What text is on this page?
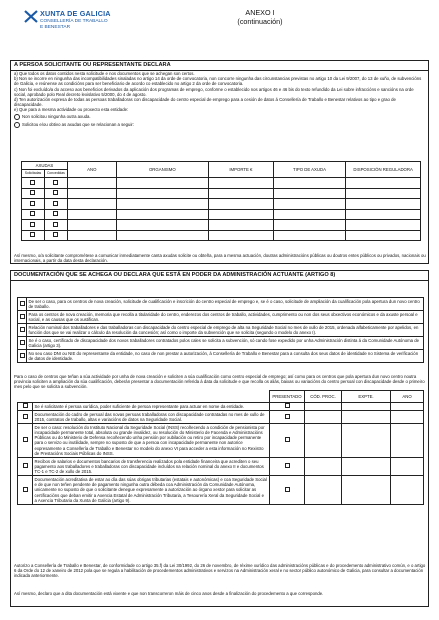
XUNTA DE GALICIA
CONSELLERÍA DE TRABALLO
E BENESTAR
ANEXO I
(continuación)
A PERSOA SOLICITANTE OU REPRESENTANTE DECLARA

a) Que todos os datos contidos nesta solicitude e nos documentos que se achegan son certos.

b) Non se incorre en ningunha das incompatibilidades sinaladas no artigo 14 da orde de convocatoria, non concorre ningunha das circunstancias previstas no artigo 10 da Lei 9/2007, do 13 de xuño, de subvencións de Galicia, e reúnense as condicións para ser beneficiario de acordo co establecido no artigo 2 da orde de convocatoria.

c) Non foi excluído/a do acceso aos beneficios derivados da aplicación dos programas de emprego, conforme o establecido nos artigos 46 e 46 bis do texto refundido da Lei sobre infraccións e sancións na orde social, aprobado polo Real decreto lexislativo 5/2000, do 4 de agosto.

d) Ten autorización expresa de todas as persoas traballadoras con discapacidade do centro especial de emprego para a cesión de datos á Consellería de Traballo e Benestar relativos ao tipo e grao de discapacidade.

e) Que para a mesma actividade ou proxecto esta entidade:

Non solicitou ningunha outra axuda.

Solicitou e/ou obtivo as axudas que se relacionan a seguir:

AXUDAS		ANO	ORGANISMO	IMPORTE €	TIPO DE AXUDA	DISPOSICIÓN REGULADORA
Solicitadas	Concedidas					

Así mesmo, o/a solicitante comprométese a comunicar inmediatamente canta axudas solicite ou obteña, para a mesma actuación, doutras administracións públicas ou doutros entes públicos ou privados, nacionais ou internacionais, a partir da data desta declaración.
DOCUMENTACIÓN QUE SE ACHEGA OU DECLARA QUE ESTÁ EN PODER DA ADMINISTRACIÓN ACTUANTE (ARTIGO 8)
	De ser o caso, para os centros de nova creación, solicitude de cualificación e inscrición do centro especial de emprego e, se é o caso, solicitude de ampliación da cualificación pola apertura dun novo centro de traballo.
	Para os centros de nova creación, memoria que recolla a titularidade do centro, enderezos dos centros de traballo, actividades, cumprimento ou non dos seus obxectivos económicos e da axuste persoal e social, e as causas que os xustifican.
	Relación nominal dos traballadores e das traballadoras con discapacidade do centro especial de emprego de alta na Seguridade Social no mes de xullo de 2015, ordenada alfabeticamente por apelidos, en función dos que se vai realizar o cálculo da resolución da concesión; así como o importe da subvención que se solicita (segundo o modelo do anexo I).
	Se é o caso, certificado de discapacidade dos novos traballadores contratados polos cales se solicita a subvención, só cando fose expedido por unha Administración distinta á da Comunidade Autónoma de Galicia (artigo 3).
	No seu caso DNI ou NIE do representante da entidade, no caso de non prestar a autorización, á Consellería de Traballo e Benestar para a consulta dos seus datos de identidade no Sistema de verificación de datos de identidade.
Para o caso de centros que teñan a súa actividade por unha de nova creación e soliciten a súa cualificación como centro especial de emprego; así como para os centros que pola apertura dun novo centro noutra provincia soliciten a ampliación da súa cualificación, deberán presentar a documentación referida á data da solicitude e que recolla os aliás, baixas ou variacións do centro persoal con discapacidade desde o primeiro mes pelo que se solicita a subvención.
		PRESENTADO	CÓD. PROC.	EXPTE.	ANO
	Se é solicitante é persoa xurídica, poder suficiente de persoa representante para actuar en nome da entidade.				
	Documentación do cadro de persoal das novas persoas traballadoras con discapacidade contratadas no mes de xullo de 2015, contratos de traballo, altas e variacións de datos na Seguridade Social.				
	De ser o caso: resolución do Instituto Nacional da Seguridade Social (INSS) recoñecendo a condición de pensionista por incapacidade permanente total, absoluta ou grande invalidez, ou resolución do Ministerio de Facenda e Administracións Públicas ou do Ministerio de Defensa recoñecendo unha pensión por xubilación ou retiro por incapacidade permanente para o servizo ou inutilidade, sempre no suposto de que a persoa con incapacidade permanente non autorice expresamente a Consellería de Traballo e Benestar no modelo do anexo VI para acceder a esta información no Rexistro de Prestacións Sociais Públicas do INSS.				
	Recibos de salarios e documentos bancarios de transferencia realizados pola entidade financeira que acrediten o seu pagamento aos traballadores e traballadoras con discapacidade incluídos na relación nominal do anexo II e documentos TC-1 e TC-2 de xullo de 2015.				
	Documentación acreditativa de estar ao día das súas obrigas tributarias (estatais e autonómicas) e coa Seguridade Social e de que non teñen pendente de pagamento ningunha outra débeda coa Administración da Comunidade Autónoma, unicamente no suposto de que o solicitante denegue expresamente a autorización ao órgano xestor para solicitar as certificacións que deban emitir a Axencia Estatal de Administración Tributaria, a Tesourería Xeral da Seguridade Social e a Axencia Tributaria da Xunta de Galicia (artigo 9).				
Autorizo a Consellería de Traballo e Benestar, de conformidade co artigo 35.f) da Lei 30/1992, do 26 de novembro, de réxime xurídico das administracións públicas e do procedemento administrativo común, e o artigo 6 da Orde do 12 de xaneiro de 2012 pola que se regula a habilitación de procedementos administrativos e servizos na Administración xeral e no sector público autonómico de Galicia, para consultar a documentación indicada anteriormente.
Así mesmo, declaro que a dita documentación está vixente e que non transcorreron máis de cinco anos desde a finalización do procedemento a que corresponde.
